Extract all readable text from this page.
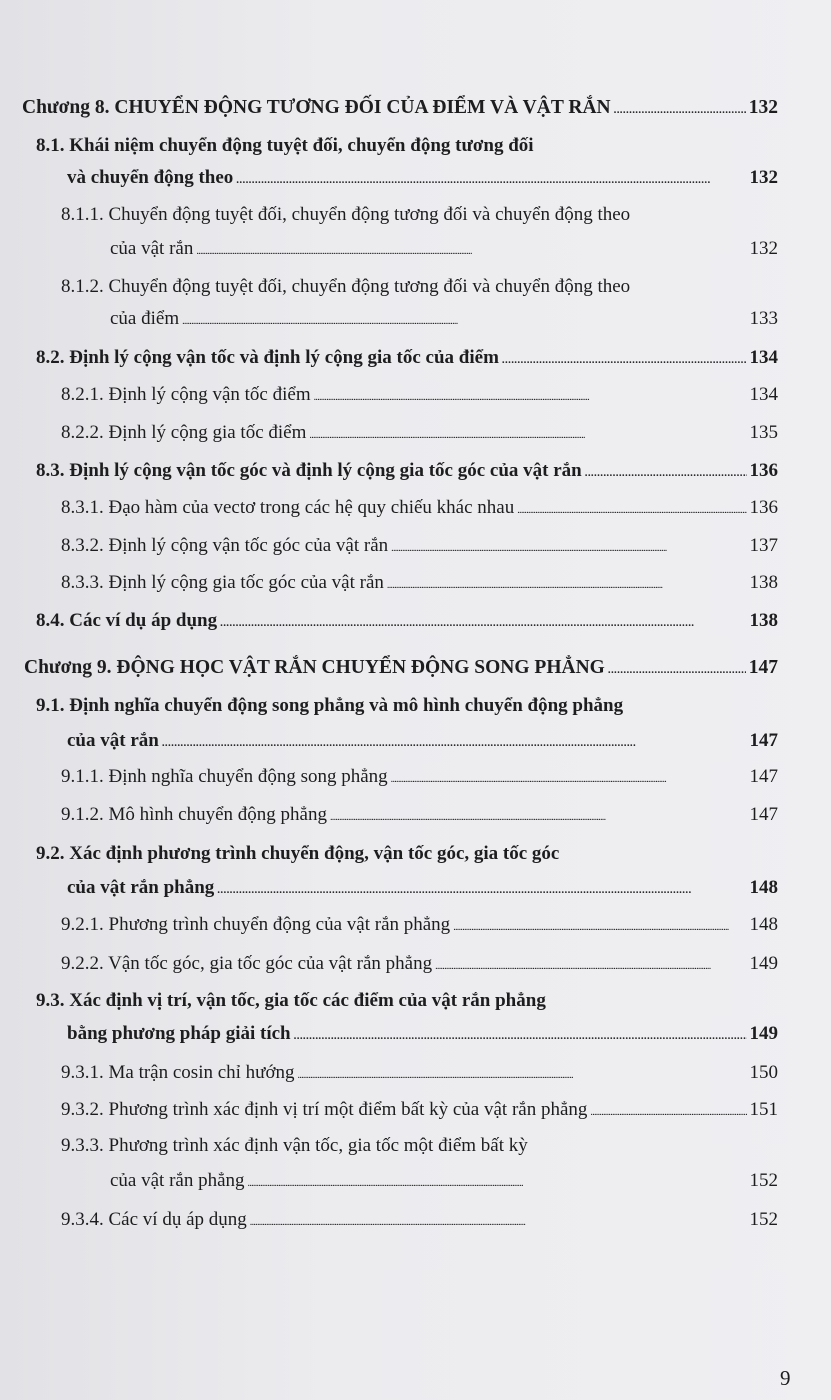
Chương 8. CHUYỂN ĐỘNG TƯƠNG ĐỐI CỦA ĐIỂM VÀ VẬT RẮN . . .	132
8.1. Khái niệm chuyển động tuyệt đối, chuyển động tương đối
và chuyển động theo . . .	132
8.1.1. Chuyển động tuyệt đối, chuyển động tương đối và chuyển động theo
của vật rắn . . .	132
8.1.2. Chuyển động tuyệt đối, chuyển động tương đối và chuyển động theo
của điểm . . .	133
8.2. Định lý cộng vận tốc và định lý cộng gia tốc của điểm . . .	134
8.2.1. Định lý cộng vận tốc điểm . . .	134
8.2.2. Định lý cộng gia tốc điểm . . .	135
8.3. Định lý cộng vận tốc góc và định lý cộng gia tốc góc của vật rắn . . .	136
8.3.1. Đạo hàm của vectơ trong các hệ quy chiếu khác nhau . . .	136
8.3.2. Định lý cộng vận tốc góc của vật rắn . . .	137
8.3.3. Định lý cộng gia tốc góc của vật rắn . . .	138
8.4. Các ví dụ áp dụng . . .	138
Chương 9. ĐỘNG HỌC VẬT RẮN CHUYỂN ĐỘNG SONG PHẲNG . . .	147
9.1. Định nghĩa chuyển động song phẳng và mô hình chuyển động phẳng
của vật rắn . . .	147
9.1.1. Định nghĩa chuyển động song phẳng . . .	147
9.1.2. Mô hình chuyển động phẳng . . .	147
9.2. Xác định phương trình chuyển động, vận tốc góc, gia tốc góc
của vật rắn phẳng . . .	148
9.2.1. Phương trình chuyển động của vật rắn phẳng . . .	148
9.2.2. Vận tốc góc, gia tốc góc của vật rắn phẳng . . .	149
9.3. Xác định vị trí, vận tốc, gia tốc các điểm của vật rắn phẳng
bằng phương pháp giải tích . . .	149
9.3.1. Ma trận cosin chỉ hướng . . .	150
9.3.2. Phương trình xác định vị trí một điểm bất kỳ của vật rắn phẳng . . .	151
9.3.3. Phương trình xác định vận tốc, gia tốc một điểm bất kỳ
của vật rắn phẳng . . .	152
9.3.4. Các ví dụ áp dụng . . .	152
9
